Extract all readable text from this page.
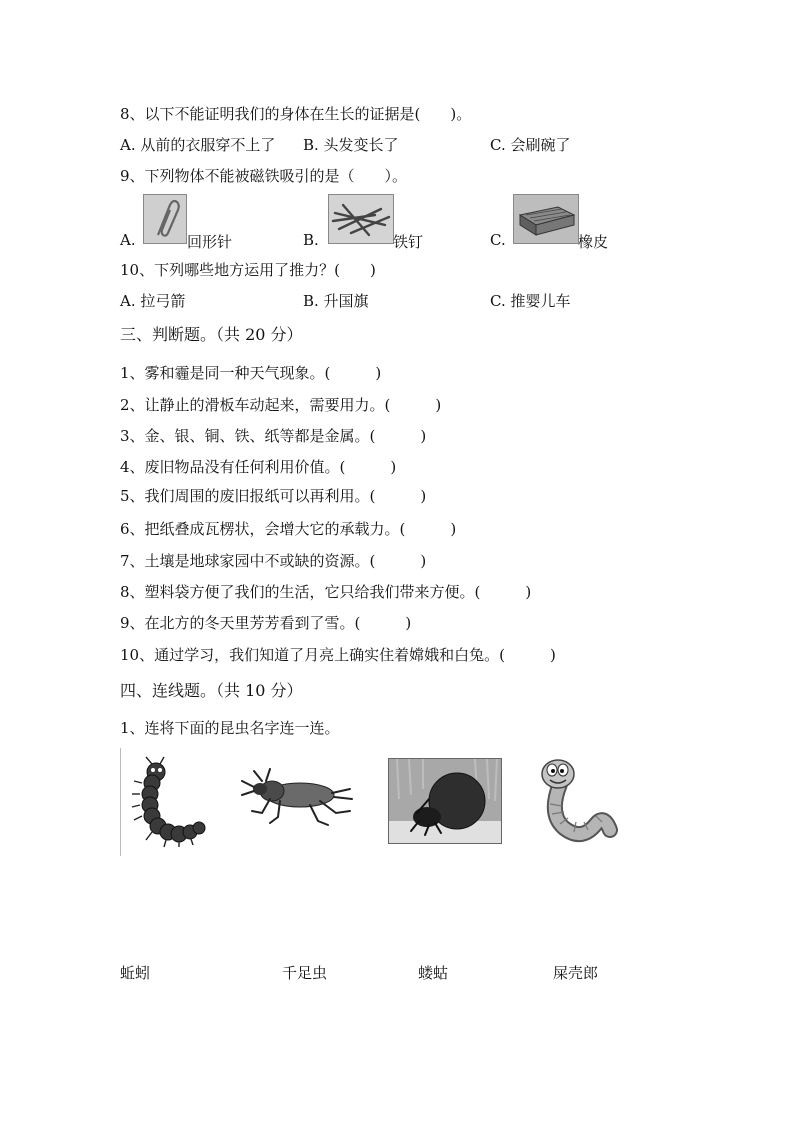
8、以下不能证明我们的身体在生长的证据是(　　)。
A. 从前的衣服穿不上了 B. 头发变长了	C. 会刷碗了
9、下列物体不能被磁铁吸引的是（　　）。
A.	回形针	B.	铁钉	C.	橡皮
10、下列哪些地方运用了推力？(　　)
A. 拉弓箭	B. 升国旗	C. 推婴儿车
三、判断题。（共 20 分）
1、雾和霾是同一种天气现象。(　　　)
2、让静止的滑板车动起来，需要用力。(　　　)
3、金、银、铜、铁、纸等都是金属。(　　　)
4、废旧物品没有任何利用价值。(　　　)
5、我们周围的废旧报纸可以再利用。(　　　)
6、把纸叠成瓦楞状，会增大它的承载力。(　　　)
7、土壤是地球家园中不或缺的资源。(　　　)
8、塑料袋方便了我们的生活，它只给我们带来方便。(　　　)
9、在北方的冬天里芳芳看到了雪。(　　　)
10、通过学习，我们知道了月亮上确实住着嫦娥和白兔。(　　　)
四、连线题。（共 10 分）
1、连将下面的昆虫名字连一连。
蚯蚓	千足虫	蝼蛄	屎壳郎
